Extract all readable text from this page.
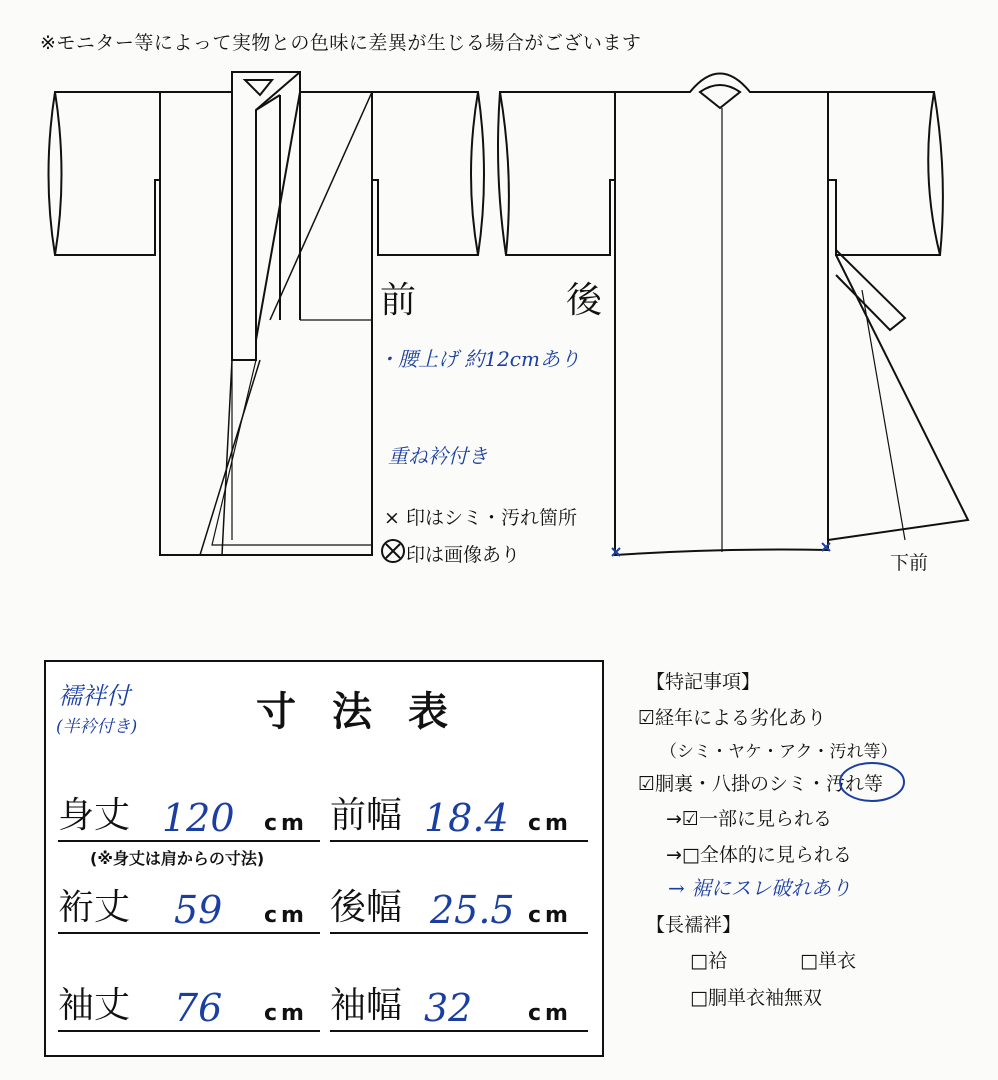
※モニター等によって実物との色味に差異が生じる場合がございます
前	後
・腰上げ 約12cmあり
重ね衿付き
× 印はシミ・汚れ箇所
印は画像あり	下前
襦袢付
(半衿付き)	寸法表
身丈 120 cm 前幅 18.4 cm
(※身丈は肩からの寸法)
裄丈 59 cm 後幅 25.5 cm
袖丈 76 cm 袖幅 32	cm
【特記事項】
☑経年による劣化あり
（シミ・ヤケ・アク・汚れ等）
☑胴裏・八掛のシミ・汚れ等
→☑一部に見られる
→□全体的に見られる
→ 裾にスレ破れあり
【長襦袢】
□袷	□単衣
□胴単衣袖無双
